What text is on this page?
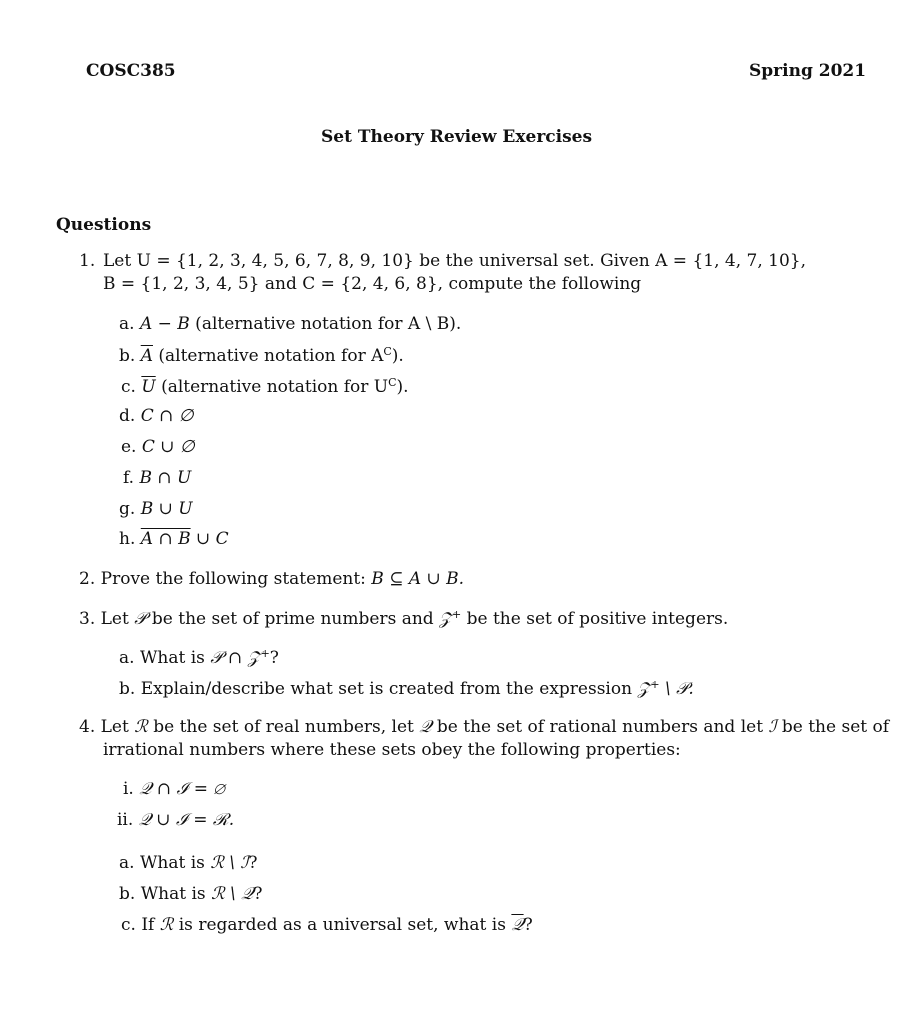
COSC385	Spring 2021
Set Theory Review Exercises
Questions
1. Let U = {1, 2, 3, 4, 5, 6, 7, 8, 9, 10} be the universal set. Given A = {1, 4, 7, 10},
B = {1, 2, 3, 4, 5} and C = {2, 4, 6, 8}, compute the following
a. A − B (alternative notation for A \ B).
b. $\overline{A}$ (alternative notation for $A^C$).
c. $\overline{U}$ (alternative notation for $U^C$).
d. C ∩ ∅
e. C ∪ ∅
f. B ∩ U
g. B ∪ U
h. A ∩ B ∪ C
2. Prove the following statement: B ⊆ A ∪ B.
3. Let 𝒫 be the set of prime numbers and 𝒵+ be the set of positive integers.
a. What is 𝒫 ∩ 𝒵+?
b. Explain/describe what set is created from the expression 𝒵+ \ 𝒫.
4. Let ℛ be the set of real numbers, let 𝒬 be the set of rational numbers and let ℐ be the set of
irrational numbers where these sets obey the following properties:
i. 𝒬 ∩ ℐ = ∅
ii. 𝒬 ∪ ℐ = ℛ.
a. What is ℛ \ ℐ?
b. What is ℛ \ 𝒬?
c. If ℛ is regarded as a universal set, what is 𝒬?
